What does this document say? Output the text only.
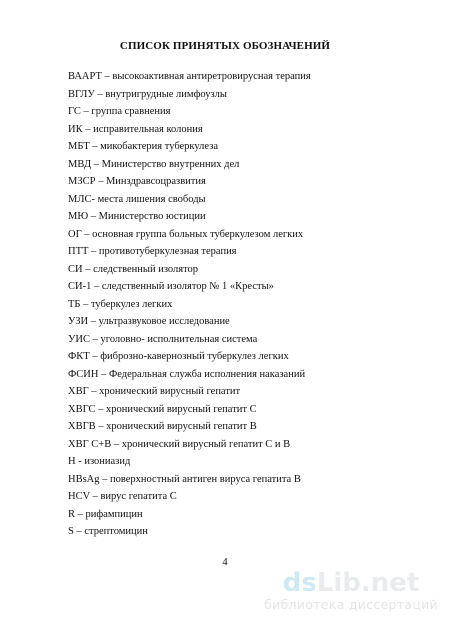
СПИСОК ПРИНЯТЫХ ОБОЗНАЧЕНИЙ
ВААРТ – высокоактивная антиретровирусная терапия
ВГЛУ – внутригрудные лимфоузлы
ГС – группа сравнения
ИК – исправительная колония
МБТ – микобактерия туберкулеза
МВД – Министерство внутренних дел
МЗСР – Минздравсоцразвития
МЛС- места лишения свободы
МЮ – Министерство юстиции
ОГ – основная группа больных туберкулезом легких
ПТТ – противотуберкулезная терапия
СИ – следственный изолятор
СИ-1 – следственный изолятор № 1 «Кресты»
ТБ – туберкулез легких
УЗИ – ультразвуковое исследование
УИС – уголовно- исполнительная система
ФКТ – фиброзно-кавернозный туберкулез легких
ФСИН – Федеральная служба исполнения наказаний
ХВГ – хронический вирусный гепатит
ХВГС – хронический вирусный гепатит С
ХВГВ – хронический вирусный гепатит В
ХВГ С+В – хронический вирусный гепатит С и В
Н - изониазид
HBsAg – поверхностный антиген вируса гепатита В
HCV – вирус гепатита С
R – рифампицин
S – стрептомицин
4
dsLib.net
библиотека диссертаций
